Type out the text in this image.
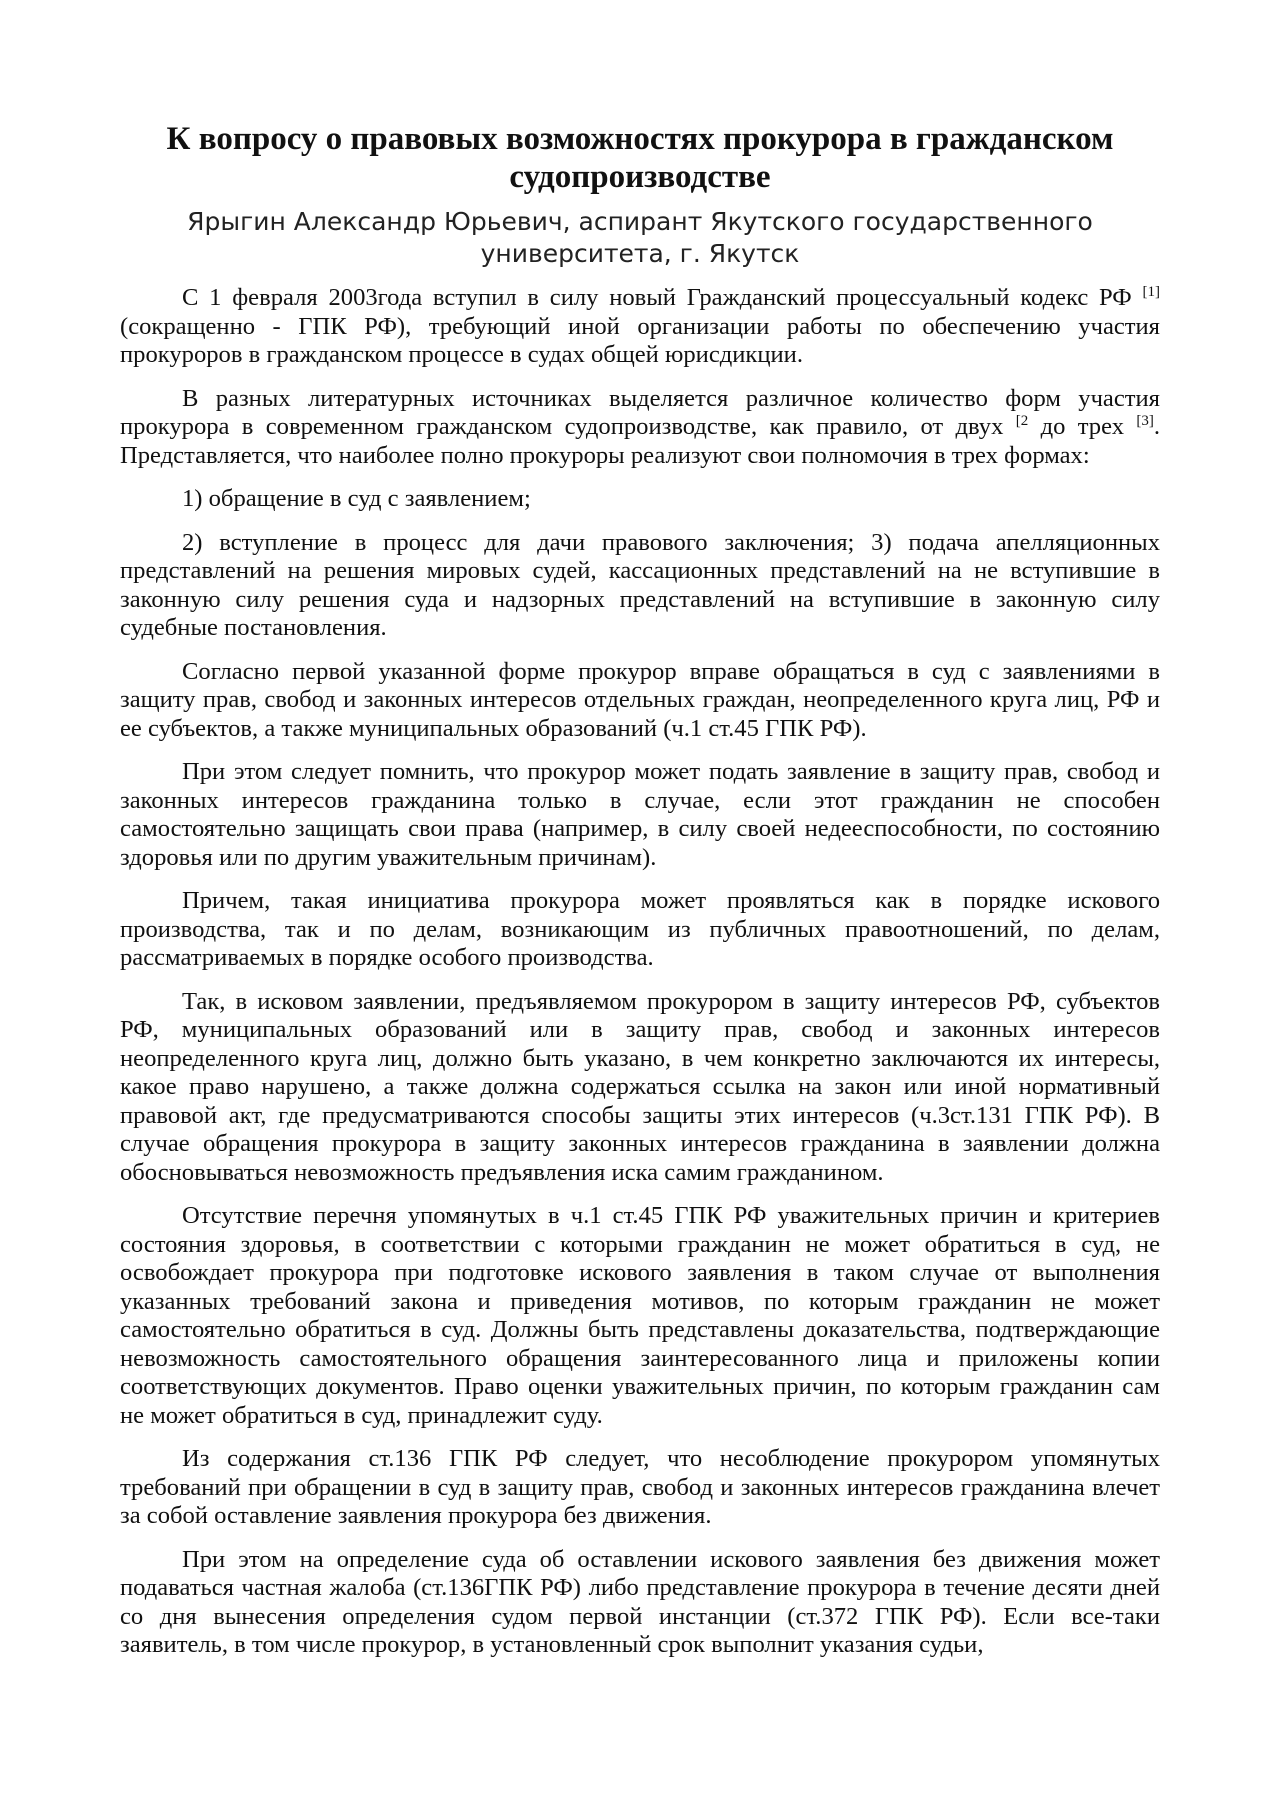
К вопросу о правовых возможностях прокурора в гражданском судопроизводстве
Ярыгин Александр Юрьевич, аспирант Якутского государственного университета, г. Якутск

С 1 февраля 2003года вступил в силу новый Гражданский процессуальный кодекс РФ [1] (сокращенно - ГПК РФ), требующий иной организации работы по обеспечению участия прокуроров в гражданском процессе в судах общей юрисдикции.

В разных литературных источниках выделяется различное количество форм участия прокурора в современном гражданском судопроизводстве, как правило, от двух $^{[2}$ до трех [3]. Представляется, что наиболее полно прокуроры реализуют свои полномочия в трех формах:

1) обращение в суд с заявлением;

2) вступление в процесс для дачи правового заключения; 3) подача апелляционных представлений на решения мировых судей, кассационных представлений на не вступившие в законную силу решения суда и надзорных представлений на вступившие в законную силу судебные постановления.

Согласно первой указанной форме прокурор вправе обращаться в суд с заявлениями в защиту прав, свобод и законных интересов отдельных граждан, неопределенного круга лиц, РФ и ее субъектов, а также муниципальных образований (ч.1 ст.45 ГПК РФ).

При этом следует помнить, что прокурор может подать заявление в защиту прав, свобод и законных интересов гражданина только в случае, если этот гражданин не способен самостоятельно защищать свои права (например, в силу своей недееспособности, по состоянию здоровья или по другим уважительным причинам).

Причем, такая инициатива прокурора может проявляться как в порядке искового производства, так и по делам, возникающим из публичных правоотношений, по делам, рассматриваемых в порядке особого производства.

Так, в исковом заявлении, предъявляемом прокурором в защиту интересов РФ, субъектов РФ, муниципальных образований или в защиту прав, свобод и законных интересов неопределенного круга лиц, должно быть указано, в чем конкретно заключаются их интересы, какое право нарушено, а также должна содержаться ссылка на закон или иной нормативный правовой акт, где предусматриваются способы защиты этих интересов (ч.3ст.131 ГПК РФ). В случае обращения прокурора в защиту законных интересов гражданина в заявлении должна обосновываться невозможность предъявления иска самим гражданином.

Отсутствие перечня упомянутых в ч.1 ст.45 ГПК РФ уважительных причин и критериев состояния здоровья, в соответствии с которыми гражданин не может обратиться в суд, не освобождает прокурора при подготовке искового заявления в таком случае от выполнения указанных требований закона и приведения мотивов, по которым гражданин не может самостоятельно обратиться в суд. Должны быть представлены доказательства, подтверждающие невозможность самостоятельного обращения заинтересованного лица и приложены копии соответствующих документов. Право оценки уважительных причин, по которым гражданин сам не может обратиться в суд, принадлежит суду.

Из содержания ст.136 ГПК РФ следует, что несоблюдение прокурором упомянутых требований при обращении в суд в защиту прав, свобод и законных интересов гражданина влечет за собой оставление заявления прокурора без движения.

При этом на определение суда об оставлении искового заявления без движения может подаваться частная жалоба (ст.136ГПК РФ) либо представление прокурора в течение десяти дней со дня вынесения определения судом первой инстанции (ст.372 ГПК РФ). Если все-таки заявитель, в том числе прокурор, в установленный срок выполнит указания судьи,
